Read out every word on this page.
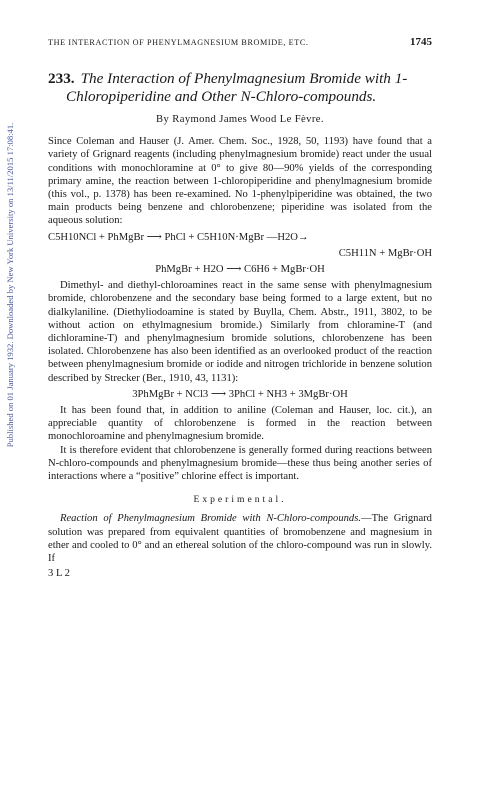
Published on 01 January 1932. Downloaded by New York University on 13/11/2015 17:08:41.
THE INTERACTION OF PHENYLMAGNESIUM BROMIDE, ETC.	1745
233. The Interaction of Phenylmagnesium Bromide with 1-Chloropiperidine and Other N-Chloro-compounds.
By Raymond James Wood Le Fèvre.

Since Coleman and Hauser (J. Amer. Chem. Soc., 1928, 50, 1193) have found that a variety of Grignard reagents (including phenylmagnesium bromide) react under the usual conditions with monochloramine at 0° to give 80—90% yields of the corresponding primary amine, the reaction between 1-chloropiperidine and phenylmagnesium bromide (this vol., p. 1378) has been re-examined. No 1-phenylpiperidine was obtained, the two main products being benzene and chlorobenzene; piperidine was isolated from the aqueous solution:

C5H10NCl + PhMgBr ⟶ PhCl + C5H10N·MgBr —H2O→
C5H11N + MgBr·OH
PhMgBr + H2O ⟶ C6H6 + MgBr·OH

Dimethyl- and diethyl-chloroamines react in the same sense with phenylmagnesium bromide, chlorobenzene and the secondary base being formed to a large extent, but no dialkylaniline. (Diethyliodoamine is stated by Buylla, Chem. Abstr., 1911, 3802, to be without action on ethylmagnesium bromide.) Similarly from chloramine-T (and dichloramine-T) and phenylmagnesium bromide solutions, chlorobenzene has been isolated. Chlorobenzene has also been identified as an overlooked product of the reaction between phenylmagnesium bromide or iodide and nitrogen trichloride in benzene solution described by Strecker (Ber., 1910, 43, 1131):

3PhMgBr + NCl3 ⟶ 3PhCl + NH3 + 3MgBr·OH

It has been found that, in addition to aniline (Coleman and Hauser, loc. cit.), an appreciable quantity of chlorobenzene is formed in the reaction between monochloroamine and phenylmagnesium bromide.

It is therefore evident that chlorobenzene is generally formed during reactions between N-chloro-compounds and phenylmagnesium bromide—these thus being another series of interactions where a “positive” chlorine effect is important.

Experimental.

Reaction of Phenylmagnesium Bromide with N-Chloro-compounds.—The Grignard solution was prepared from equivalent quantities of bromobenzene and magnesium in ether and cooled to 0° and an ethereal solution of the chloro-compound was run in slowly. If

3 L 2
